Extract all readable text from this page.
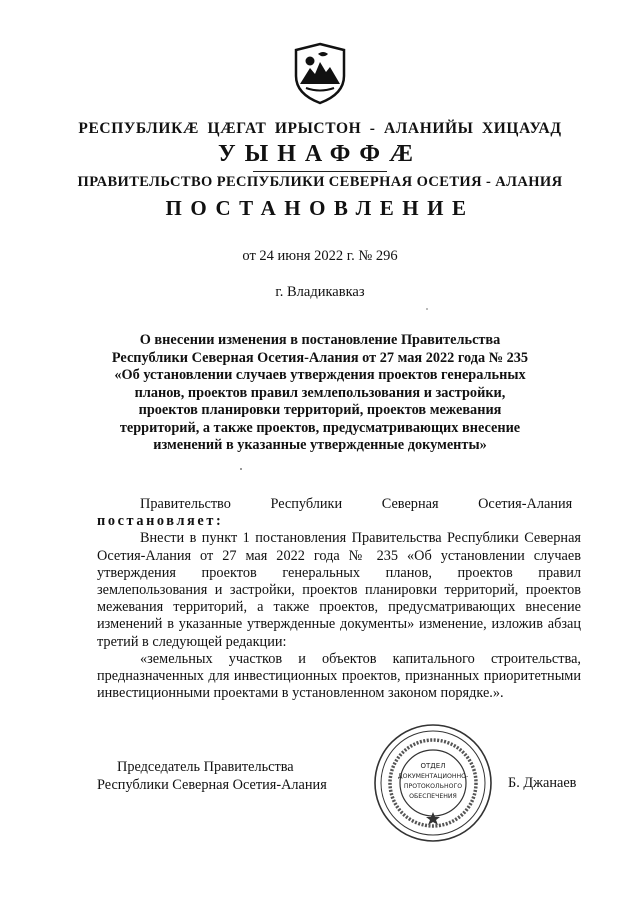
РЕСПУБЛИКӔ ЦӔГАТ ИРЫСТОН - АЛАНИЙЫ ХИЦАУАД
УЫНАФФӔ
ПРАВИТЕЛЬСТВО РЕСПУБЛИКИ СЕВЕРНАЯ ОСЕТИЯ - АЛАНИЯ
ПОСТАНОВЛЕНИЕ
от 24 июня 2022 г. № 296
г. Владикавказ
О внесении изменения в постановление Правительства Республики Северная Осетия-Алания от 27 мая 2022 года № 235 «Об установлении случаев утверждения проектов генеральных планов, проектов правил землепользования и застройки, проектов планировки территорий, проектов межевания территорий, а также проектов, предусматривающих внесение изменений в указанные утвержденные документы»

Правительство Республики Северная Осетия-Алания

постановляет:

Внести в пункт 1 постановления Правительства Республики Северная Осетия-Алания от 27 мая 2022 года № 235 «Об установлении случаев утверждения проектов генеральных планов, проектов правил землепользования и застройки, проектов планировки территорий, проектов межевания территорий, а также проектов, предусматривающих внесение изменений в указанные утвержденные документы» изменение, изложив абзац третий в следующей редакции:

«земельных участков и объектов капитального строительства, предназначенных для инвестиционных проектов, признанных приоритетными инвестиционными проектами в установленном законом порядке.».

Председатель Правительства
Республики Северная Осетия-Алания
ОТДЕЛ
ДОКУМЕНТАЦИОННО-
ПРОТОКОЛЬНОГО
ОБЕСПЕЧЕНИЯ
Б. Джанаев
